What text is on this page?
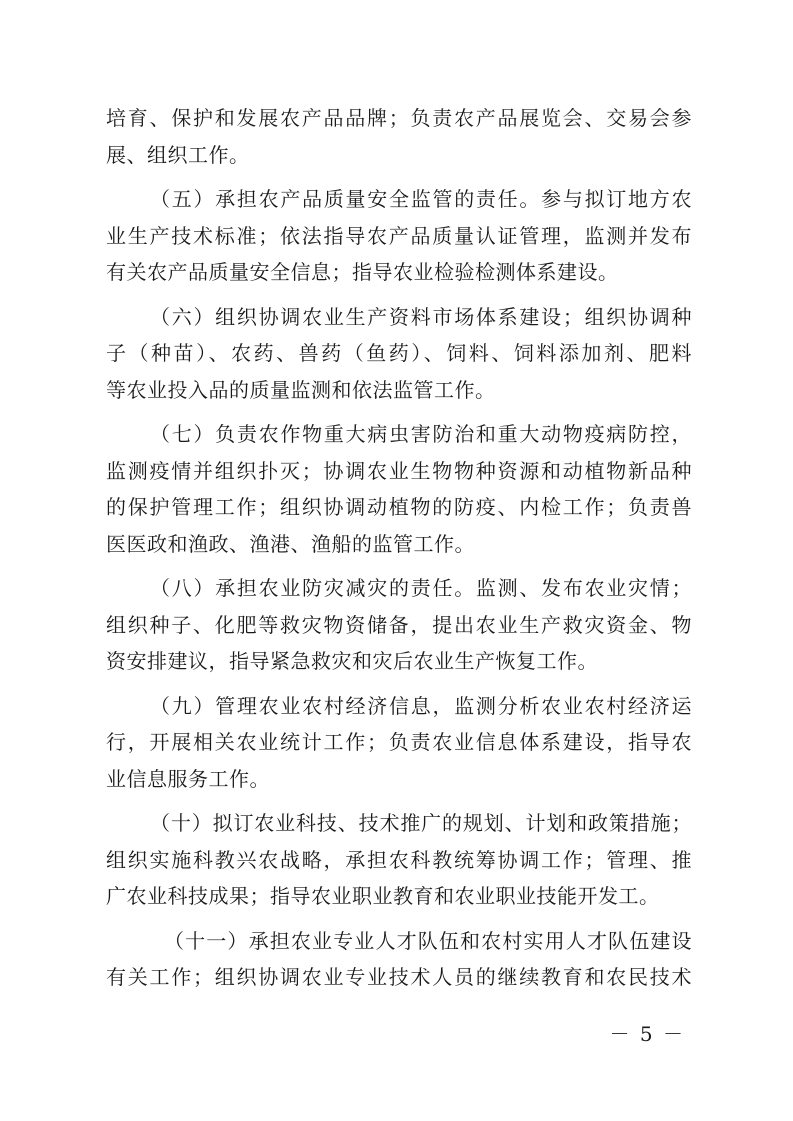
培育、保护和发展农产品品牌；负责农产品展览会、交易会参
展、组织工作。
（五）承担农产品质量安全监管的责任。参与拟订地方农
业生产技术标准；依法指导农产品质量认证管理，监测并发布
有关农产品质量安全信息；指导农业检验检测体系建设。
（六）组织协调农业生产资料市场体系建设；组织协调种
子（种苗）、农药、兽药（鱼药）、饲料、饲料添加剂、肥料
等农业投入品的质量监测和依法监管工作。
（七）负责农作物重大病虫害防治和重大动物疫病防控，
监测疫情并组织扑灭；协调农业生物物种资源和动植物新品种
的保护管理工作；组织协调动植物的防疫、内检工作；负责兽
医医政和渔政、渔港、渔船的监管工作。
（八）承担农业防灾减灾的责任。监测、发布农业灾情；
组织种子、化肥等救灾物资储备，提出农业生产救灾资金、物
资安排建议，指导紧急救灾和灾后农业生产恢复工作。
（九）管理农业农村经济信息，监测分析农业农村经济运
行，开展相关农业统计工作；负责农业信息体系建设，指导农
业信息服务工作。
（十）拟订农业科技、技术推广的规划、计划和政策措施；
组织实施科教兴农战略，承担农科教统筹协调工作；管理、推
广农业科技成果；指导农业职业教育和农业职业技能开发工。
（十一）承担农业专业人才队伍和农村实用人才队伍建设
有关工作；组织协调农业专业技术人员的继续教育和农民技术
－ 5 －
